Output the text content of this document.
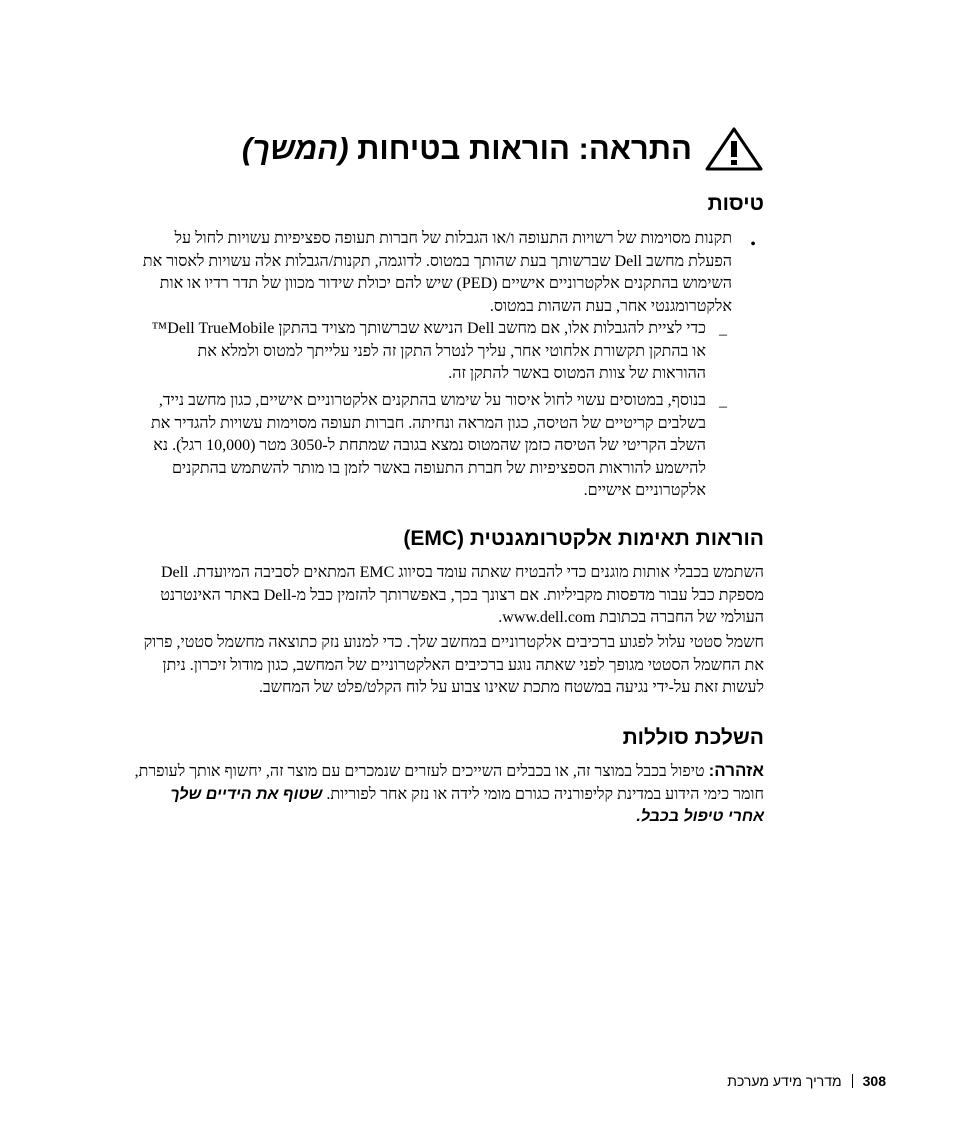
התראה: הוראות בטיחות (המשך)
טיסות
•
תקנות מסוימות של רשויות התעופה ו/או הגבלות של חברות תעופה ספציפיות עשויות לחול על
הפעלת מחשב Dell שברשותך בעת שהותך במטוס. לדוגמה, תקנות/הגבלות אלה עשויות לאסור את
השימוש בהתקנים אלקטרוניים אישיים (PED) שיש להם יכולת שידור מכוון של תדר רדיו או אות
אלקטרומגנטי אחר, בעת השהות במטוס.
–
כדי לציית להגבלות אלו, אם מחשב Dell הנישא שברשותך מצויד בהתקן Dell TrueMobile™
או בהתקן תקשורת אלחוטי אחר, עליך לנטרל התקן זה לפני עלייתך למטוס ולמלא את
ההוראות של צוות המטוס באשר להתקן זה.
–
בנוסף, במטוסים עשוי לחול איסור על שימוש בהתקנים אלקטרוניים אישיים, כגון מחשב נייד,
בשלבים קריטיים של הטיסה, כגון המראה ונחיתה. חברות תעופה מסוימות עשויות להגדיר את
השלב הקריטי של הטיסה כזמן שהמטוס נמצא בגובה שמתחת ל-3050 מטר (10,000 רגל). נא
להישמע להוראות הספציפיות של חברת התעופה באשר לזמן בו מותר להשתמש בהתקנים
אלקטרוניים אישיים.
הוראות תאימות אלקטרומגנטית (EMC)
השתמש בכבלי אותות מוגנים כדי להבטיח שאתה עומד בסיווג EMC המתאים לסביבה המיועדת. Dell
מספקת כבל עבור מדפסות מקביליות. אם רצונך בכך, באפשרותך להזמין כבל מ-Dell באתר האינטרנט
העולמי של החברה בכתובת www.dell.com.
חשמל סטטי עלול לפגוע ברכיבים אלקטרוניים במחשב שלך. כדי למנוע נזק כתוצאה מחשמל סטטי, פרוק
את החשמל הסטטי מגופך לפני שאתה נוגע ברכיבים האלקטרוניים של המחשב, כגון מודול זיכרון. ניתן
לעשות זאת על-ידי נגיעה במשטח מתכת שאינו צבוע על לוח הקלט/פלט של המחשב.
השלכת סוללות
אזהרה: טיפול בכבל במוצר זה, או בכבלים השייכים לעזרים שנמכרים עם מוצר זה, יחשוף אותך לעופרת, חומר כימי הידוע במדינת קליפורניה כגורם מומי לידה או נזק אחר לפוריות. שטוף את הידיים שלך אחרי טיפול בכבל.
מדריך מידע מערכת 308
